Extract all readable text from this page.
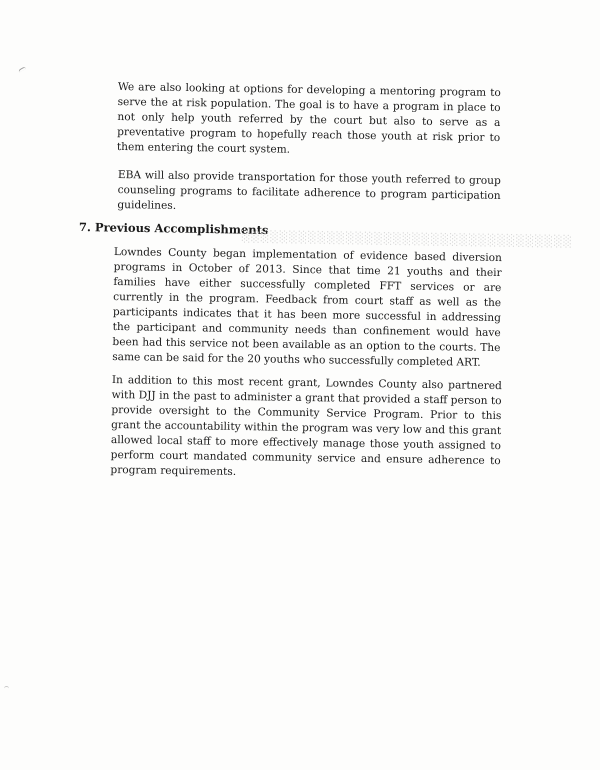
We are also looking at options for developing a mentoring program to serve the at risk population. The goal is to have a program in place to not only help youth referred by the court but also to serve as a preventative program to hopefully reach those youth at risk prior to them entering the court system.

EBA will also provide transportation for those youth referred to group counseling programs to facilitate adherence to program participation guidelines.

7. Previous Accomplishments
░░░░░░░░░░░░░░░░░░░░░░░░░░░░░░░░░░░

Lowndes County began implementation of evidence based diversion programs in October of 2013. Since that time 21 youths and their families have either successfully completed FFT services or are currently in the program. Feedback from court staff as well as the participants indicates that it has been more successful in addressing the participant and community needs than confinement would have been had this service not been available as an option to the courts. The same can be said for the 20 youths who successfully completed ART.

In addition to this most recent grant, Lowndes County also partnered with DJJ in the past to administer a grant that provided a staff person to provide oversight to the Community Service Program. Prior to this grant the accountability within the program was very low and this grant allowed local staff to more effectively manage those youth assigned to perform court mandated community service and ensure adherence to program requirements.
